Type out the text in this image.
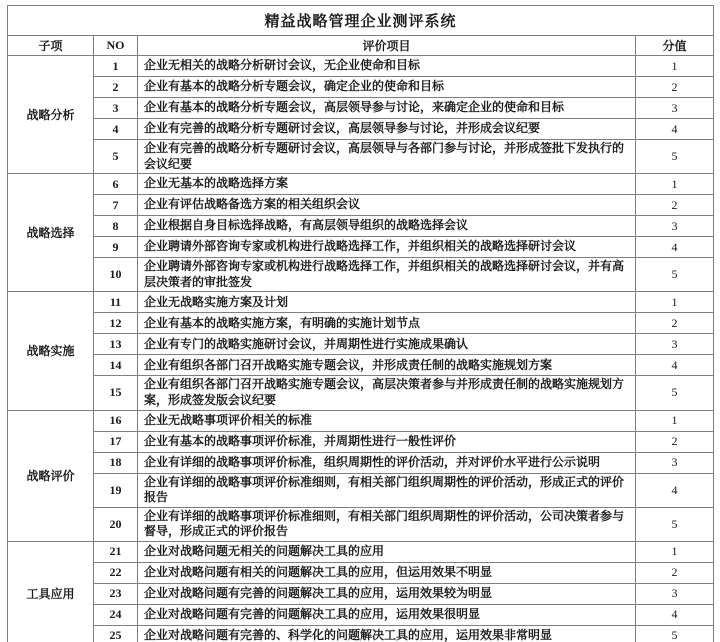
精益战略管理企业测评系统			
子项	NO	评价项目	分值
战略分析	1	企业无相关的战略分析研讨会议，无企业使命和目标	1
	2	企业有基本的战略分析专题会议，确定企业的使命和目标	2
	3	企业有基本的战略分析专题会议，高层领导参与讨论，来确定企业的使命和目标	3
	4	企业有完善的战略分析专题研讨会议，高层领导参与讨论，并形成会议纪要	4
	5	企业有完善的战略分析专题研讨会议，高层领导与各部门参与讨论，并形成签批下发执行的会议纪要	5
战略选择	6	企业无基本的战略选择方案	1
	7	企业有评估战略备选方案的相关组织会议	2
	8	企业根据自身目标选择战略，有高层领导组织的战略选择会议	3
	9	企业聘请外部咨询专家或机构进行战略选择工作，并组织相关的战略选择研讨会议	4
	10	企业聘请外部咨询专家或机构进行战略选择工作，并组织相关的战略选择研讨会议，并有高层决策者的审批签发	5
战略实施	11	企业无战略实施方案及计划	1
	12	企业有基本的战略实施方案，有明确的实施计划节点	2
	13	企业有专门的战略实施研讨会议，并周期性进行实施成果确认	3
	14	企业有组织各部门召开战略实施专题会议，并形成责任制的战略实施规划方案	4
	15	企业有组织各部门召开战略实施专题会议，高层决策者参与并形成责任制的战略实施规划方案，形成签发版会议纪要	5
战略评价	16	企业无战略事项评价相关的标准	1
	17	企业有基本的战略事项评价标准，并周期性进行一般性评价	2
	18	企业有详细的战略事项评价标准，组织周期性的评价活动，并对评价水平进行公示说明	3
	19	企业有详细的战略事项评价标准细则，有相关部门组织周期性的评价活动，形成正式的评价报告	4
	20	企业有详细的战略事项评价标准细则，有相关部门组织周期性的评价活动，公司决策者参与督导，形成正式的评价报告	5
工具应用	21	企业对战略问题无相关的问题解决工具的应用	1
	22	企业对战略问题有相关的问题解决工具的应用，但运用效果不明显	2
	23	企业对战略问题有完善的问题解决工具的应用，运用效果较为明显	3
	24	企业对战略问题有完善的问题解决工具的应用，运用效果很明显	4
	25	企业对战略问题有完善的、科学化的问题解决工具的应用，运用效果非常明显	5
